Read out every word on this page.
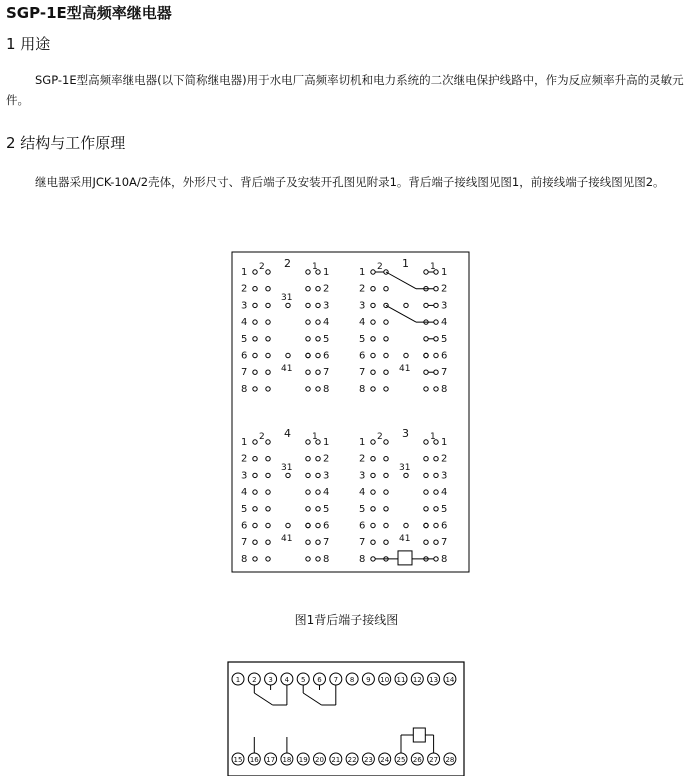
SGP-1E型高频率继电器
1 用途
SGP-1E型高频率继电器(以下简称继电器)用于水电厂高频率切机和电力系统的二次继电保护线路中，作为反应频率升高的灵敏元件。
2 结构与工作原理
继电器采用JCK-10A/2壳体，外形尺寸、背后端子及安装开孔图见附录1。背后端子接线图见图1，前接线端子接线图见图2。
2
2	1
31
41
1	1
2	2
3	3
4	4
5	5
6	6
7	7
8	8
1
2	1
41
1	1
2	2
3	3
4	4
5	5
6	6
7	7
8	8
4
2	1
31
41
1	1
2	2
3	3
4	4
5	5
6	6
7	7
8	8
3
2	1
31
41
1	1
2	2
3	3
4	4
5	5
6	6
7	7
8	8
图1背后端子接线图
1 2 3 4 5 6 7 8 9 10 11 12 13 14
15 16 17 18 19 20 21 22 23 24 25 26 27 28
